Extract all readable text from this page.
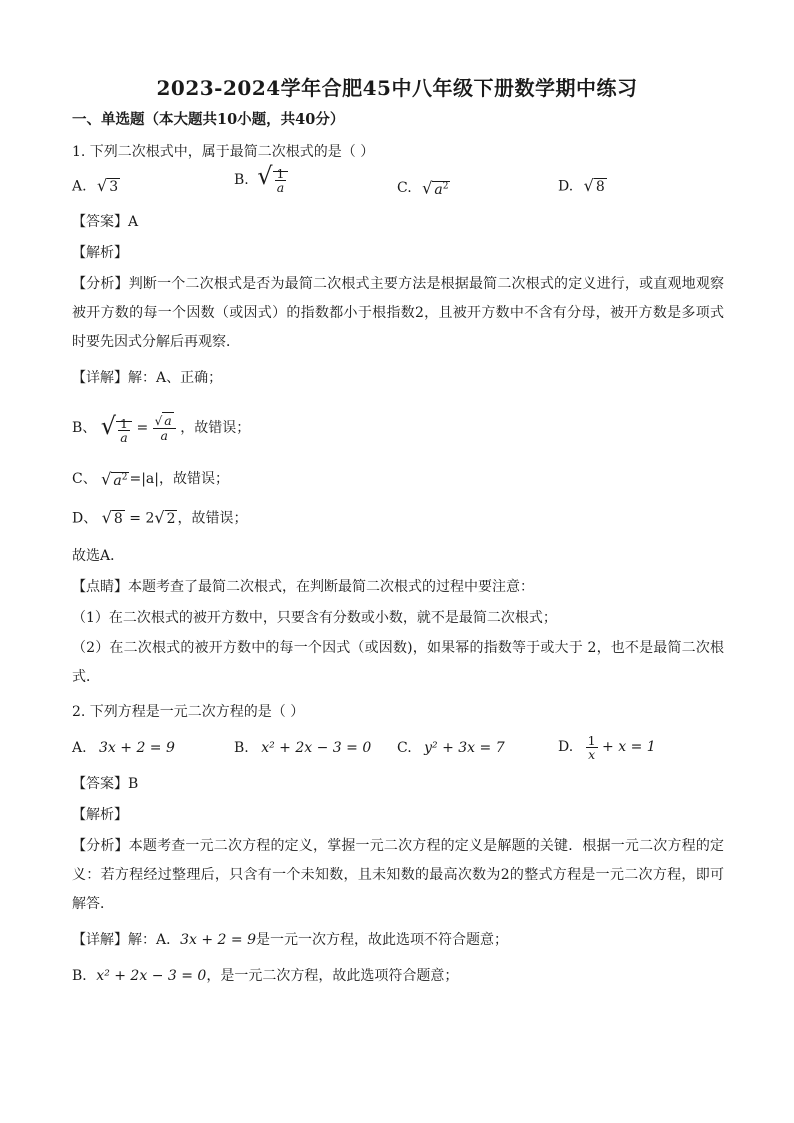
2023-2024学年合肥45中八年级下册数学期中练习
一、单选题（本大题共10小题，共40分）
1. 下列二次根式中，属于最简二次根式的是（ ）
A. √ 3	B. √ $\frac{1}{a}$	C. √ $a^2$	D. √ 8
【答案】A
【解析】
【分析】判断一个二次根式是否为最简二次根式主要方法是根据最简二次根式的定义进行，或直观地观察被开方数的每一个因数（或因式）的指数都小于根指数2，且被开方数中不含有分母，被开方数是多项式时要先因式分解后再观察．
【详解】解：A、正确；
B、 √ $\frac{1}{a} = \frac{√ a}{a}$ ，故错误；
C、 √ $a^2 =|a|$，故错误；
D、 √ 8 = 2√ 2 ，故错误；
故选A．
【点睛】本题考查了最简二次根式，在判断最简二次根式的过程中要注意：
（1）在二次根式的被开方数中，只要含有分数或小数，就不是最简二次根式；
（2）在二次根式的被开方数中的每一个因式（或因数)，如果幂的指数等于或大于 2，也不是最简二次根式．
2. 下列方程是一元二次方程的是（ ）
A. 3x + 2 = 9	B. x² + 2x − 3 = 0 C. y² + 3x = 7	D. $\frac{1}{x} + x = 1$
【答案】B
【解析】
【分析】本题考查一元二次方程的定义，掌握一元二次方程的定义是解题的关键．根据一元二次方程的定义：若方程经过整理后，只含有一个未知数，且未知数的最高次数为2的整式方程是一元二次方程，即可解答．
【详解】解：A．3x + 2 = 9是一元一次方程，故此选项不符合题意；
B．x² + 2x − 3 = 0，是一元二次方程，故此选项符合题意；
